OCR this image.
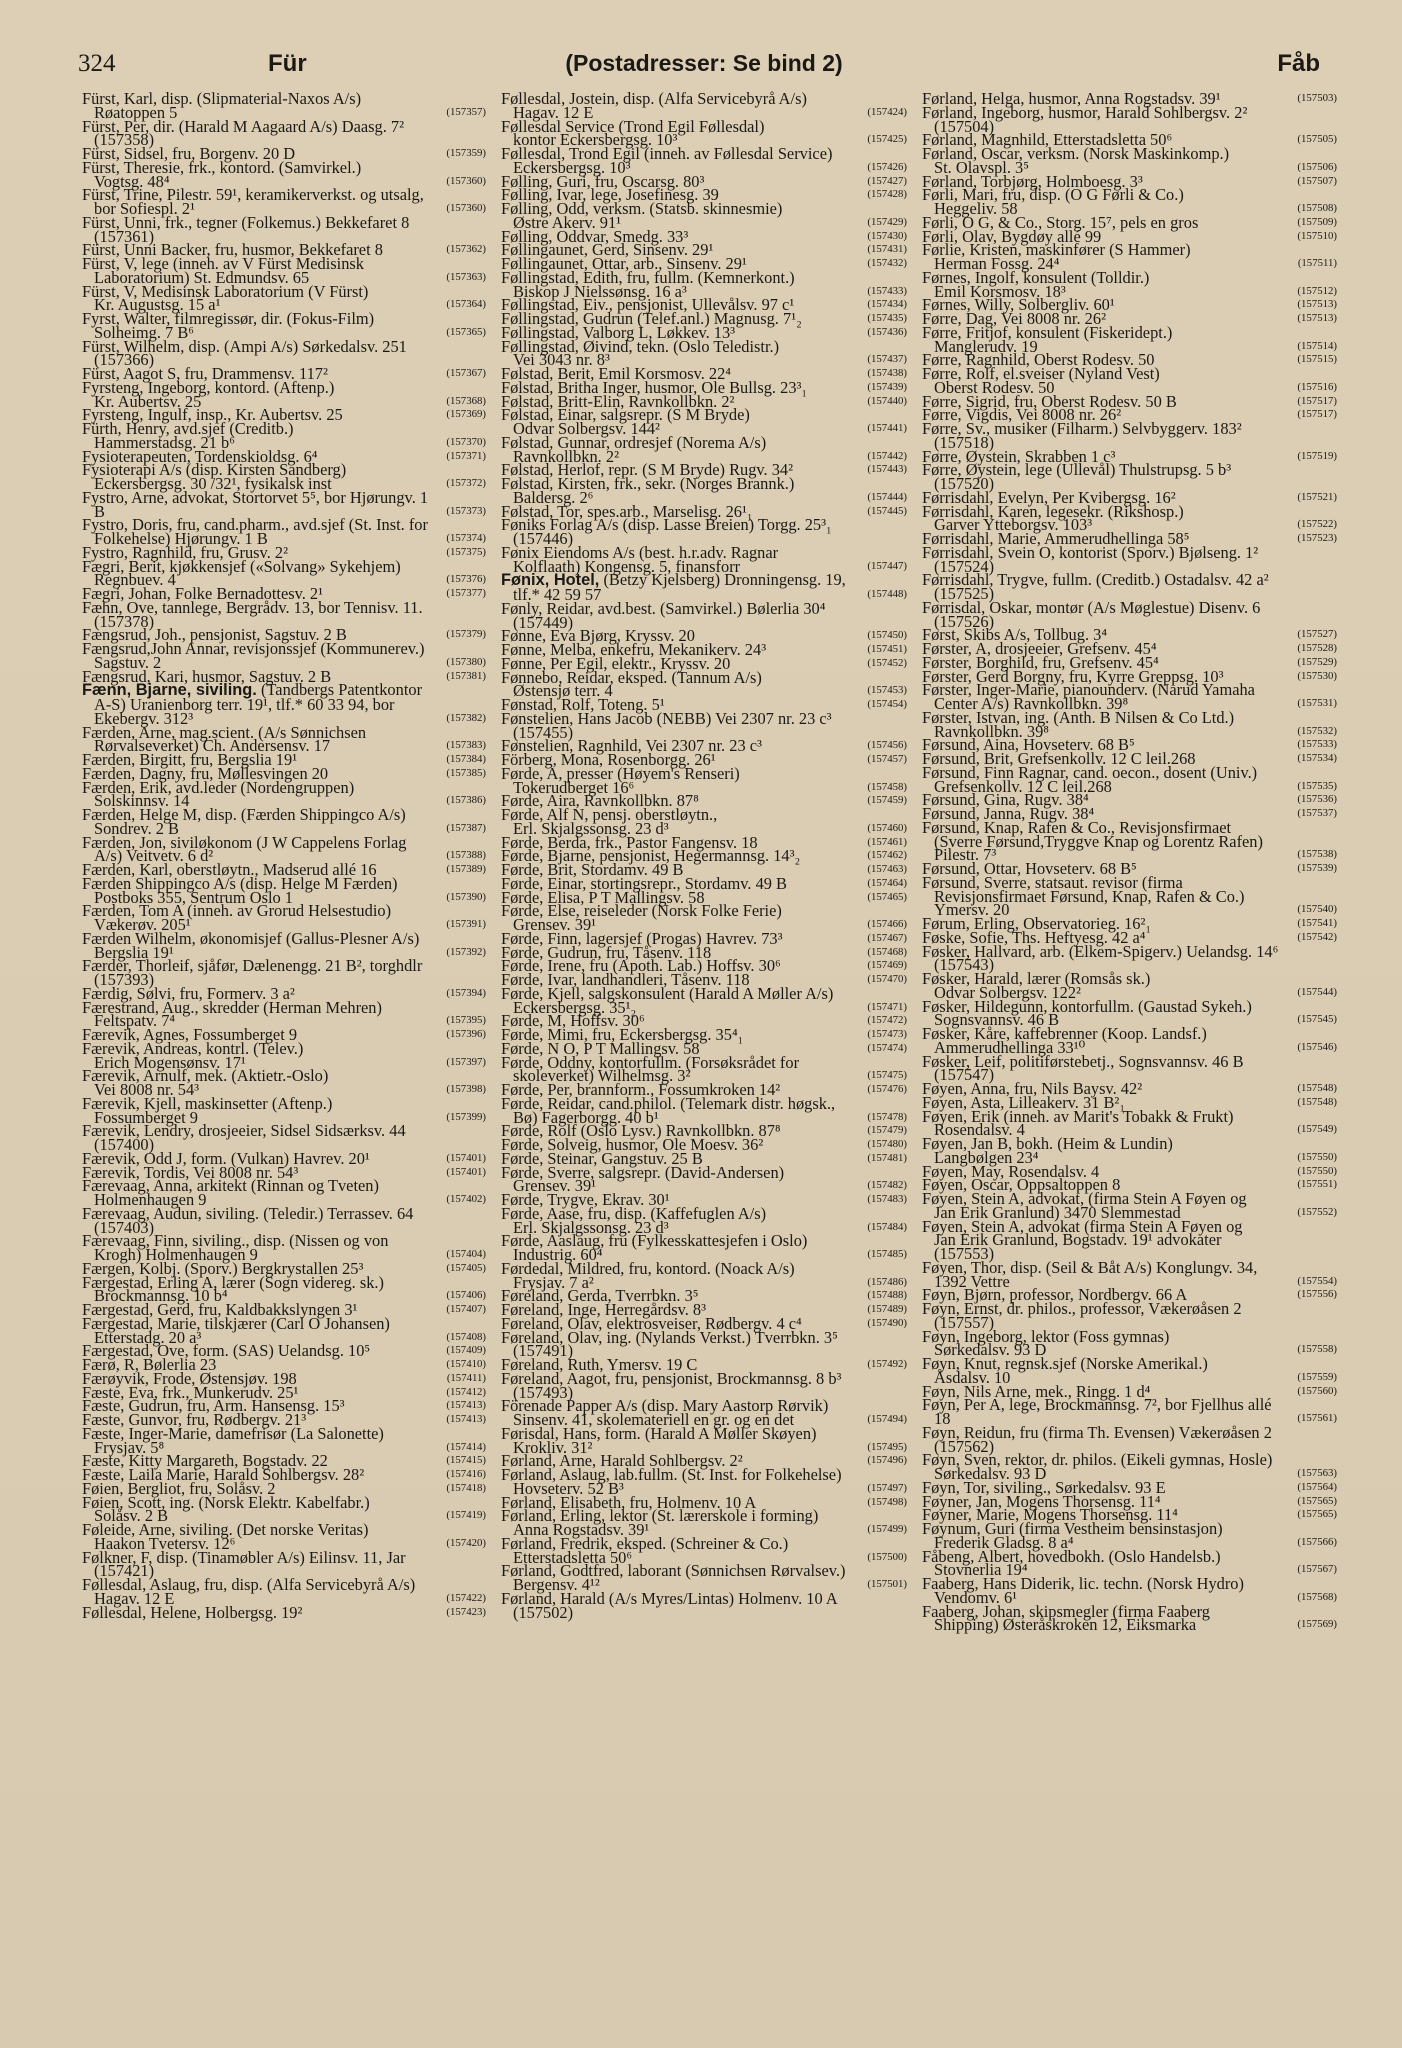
324	Für	(Postadresser: Se bind 2)	Fåb
Fürst, Karl, disp. (Slipmaterial-Naxos A/s)
Røatoppen 5	(157357)
Fürst, Per, dir. (Harald M Aagaard A/s) Daasg. 7²
(157358)
Fürst, Sidsel, fru, Borgenv. 20 D	(157359)
Fürst, Theresie, frk., kontord. (Samvirkel.)
Vogtsg. 48⁴	(157360)
Fürst, Trine, Pilestr. 59¹, keramikerverkst. og utsalg,
bor Sofiespl. 2¹	(157360)
Fürst, Unni, frk., tegner (Folkemus.) Bekkefaret 8
(157361)
Fürst, Unni Backer, fru, husmor, Bekkefaret 8	(157362)
Fürst, V, lege (inneh. av V Fürst Medisinsk
Laboratorium) St. Edmundsv. 65	(157363)
Fürst, V, Medisinsk Laboratorium (V Fürst)
Kr. Augustsg. 15 a¹	(157364)
Fyrst, Walter, filmregissør, dir. (Fokus-Film)
Solheimg. 7 B⁶	(157365)
Fürst, Wilhelm, disp. (Ampi A/s) Sørkedalsv. 251
(157366)
Fürst, Aagot S, fru, Drammensv. 117²	(157367)
Fyrsteng, Ingeborg, kontord. (Aftenp.)
Kr. Aubertsv. 25	(157368)
Fyrsteng, Ingulf, insp., Kr. Aubertsv. 25	(157369)
Fürth, Henry, avd.sjef (Creditb.)
Hammerstadsg. 21 b⁶	(157370)
Fysioterapeuten, Tordenskioldsg. 6⁴	(157371)
Fysioterapi A/s (disp. Kirsten Sandberg)
Eckersbergsg. 30 /32¹, fysikalsk inst	(157372)
Fystro, Arne, advokat, Stortorvet 5⁵, bor Hjørungv. 1
B	(157373)
Fystro, Doris, fru, cand.pharm., avd.sjef (St. Inst. for
Folkehelse) Hjørungv. 1 B	(157374)
Fystro, Ragnhild, fru, Grusv. 2²	(157375)
Fægri, Berit, kjøkkensjef («Solvang» Sykehjem)
Regnbuev. 4	(157376)
Fægri, Johan, Folke Bernadottesv. 2¹	(157377)
Fæhn, Ove, tannlege, Bergrådv. 13, bor Tennisv. 11.
(157378)
Fængsrud, Joh., pensjonist, Sagstuv. 2 B	(157379)
Fængsrud,John Annar, revisjonssjef (Kommunerev.)
Sagstuv. 2	(157380)
Fængsrud, Kari, husmor, Sagstuv. 2 B	(157381)
Fænn, Bjarne, siviling. (Tandbergs Patentkontor
A-S) Uranienborg terr. 19¹, tlf.* 60 33 94, bor
Ekebergv. 312³	(157382)
Færden, Arne, mag.scient. (A/s Sønnichsen
Rørvalseverket) Ch. Andersensv. 17	(157383)
Færden, Birgitt, fru, Bergslia 19¹	(157384)
Færden, Dagny, fru, Møllesvingen 20	(157385)
Færden, Erik, avd.leder (Nordengruppen)
Solskinnsv. 14	(157386)
Færden, Helge M, disp. (Færden Shippingco A/s)
Sondrev. 2 B	(157387)
Færden, Jon, siviløkonom (J W Cappelens Forlag
A/s) Veitvetv. 6 d²	(157388)
Færden, Karl, oberstløytn., Madserud allé 16	(157389)
Færden Shippingco A/s (disp. Helge M Færden)
Postboks 355, Sentrum Oslo 1	(157390)
Færden, Tom A (inneh. av Grorud Helsestudio)
Vækerøv. 205¹	(157391)
Færden Wilhelm, økonomisjef (Gallus-Plesner A/s)
Bergslia 19¹	(157392)
Færder, Thorleif, sjåfør, Dælenengg. 21 B², torghdlr
(157393)
Færdig, Sølvi, fru, Formerv. 3 a²	(157394)
Færestrand, Aug., skredder (Herman Mehren)
Feltspatv. 7⁴	(157395)
Færevik, Agnes, Fossumberget 9	(157396)
Færevik, Andreas, kontrl. (Telev.)
Erich Mogensønsv. 17¹	(157397)
Færevik, Arnulf, mek. (Aktietr.-Oslo)
Vei 8008 nr. 54³	(157398)
Færevik, Kjell, maskinsetter (Aftenp.)
Fossumberget 9	(157399)
Færevik, Lendry, drosjeeier, Sidsel Sidsærksv. 44
(157400)
Færevik, Odd J, form. (Vulkan) Havrev. 20¹	(157401)
Færevik, Tordis, Vei 8008 nr. 54³	(157401)
Færevaag, Anna, arkitekt (Rinnan og Tveten)
Holmenhaugen 9	(157402)
Færevaag, Audun, siviling. (Teledir.) Terrassev. 64
(157403)
Færevaag, Finn, siviling., disp. (Nissen og von
Krogh) Holmenhaugen 9	(157404)
Færgen, Kolbj. (Sporv.) Bergkrystallen 25³	(157405)
Færgestad, Erling A, lærer (Sogn videreg. sk.)
Brockmannsg. 10 b⁴	(157406)
Færgestad, Gerd, fru, Kaldbakkslyngen 3¹	(157407)
Færgestad, Marie, tilskjærer (Carl O Johansen)
Etterstadg. 20 a³	(157408)
Færgestad, Ove, form. (SAS) Uelandsg. 10⁵	(157409)
Færø, R, Bølerlia 23	(157410)
Færøyvik, Frode, Østensjøv. 198	(157411)
Fæste, Eva, frk., Munkerudv. 25¹	(157412)
Fæste, Gudrun, fru, Arm. Hansensg. 15³	(157413)
Fæste, Gunvor, fru, Rødbergv. 21³	(157413)
Fæste, Inger-Marie, damefrisør (La Salonette)
Frysjav. 5⁸	(157414)
Fæste, Kitty Margareth, Bogstadv. 22	(157415)
Fæste, Laila Marie, Harald Sohlbergsv. 28²	(157416)
Føien, Bergliot, fru, Solåsv. 2	(157418)
Føien, Scott, ing. (Norsk Elektr. Kabelfabr.)
Solåsv. 2 B	(157419)
Føleide, Arne, siviling. (Det norske Veritas)
Haakon Tvetersv. 12⁶	(157420)
Følkner, F, disp. (Tinamøbler A/s) Eilinsv. 11, Jar
(157421)
Føllesdal, Aslaug, fru, disp. (Alfa Servicebyrå A/s)
Hagav. 12 E	(157422)
Føllesdal, Helene, Holbergsg. 19²	(157423)
Føllesdal, Jostein, disp. (Alfa Servicebyrå A/s)
Hagav. 12 E	(157424)
Føllesdal Service (Trond Egil Føllesdal)
kontor Eckersbergsg. 10³	(157425)
Føllesdal, Trond Egil (inneh. av Føllesdal Service)
Eckersbergsg. 10³	(157426)
Følling, Guri, fru, Oscarsg. 80³	(157427)
Følling, Ivar, lege, Josefinesg. 39	(157428)
Følling, Odd, verksm. (Statsb. skinnesmie)
Østre Akerv. 91¹	(157429)
Følling, Oddvar, Smedg. 33³	(157430)
Føllingaunet, Gerd, Sinsenv. 29¹	(157431)
Føllingaunet, Ottar, arb., Sinsenv. 29¹	(157432)
Føllingstad, Edith, fru, fullm. (Kemnerkont.)
Biskop J Nielssønsg. 16 a³	(157433)
Føllingstad, Eiv., pensjonist, Ullevålsv. 97 c¹	(157434)
Føllingstad, Gudrun (Telef.anl.) Magnusg. 7¹₂	(157435)
Føllingstad, Valborg L, Løkkev. 13³	(157436)
Føllingstad, Øivind, tekn. (Oslo Teledistr.)
Vei 3043 nr. 8³	(157437)
Følstad, Berit, Emil Korsmosv. 22⁴	(157438)
Følstad, Britha Inger, husmor, Ole Bullsg. 23³₁	(157439)
Følstad, Britt-Elin, Ravnkollbkn. 2²	(157440)
Følstad, Einar, salgsrepr. (S M Bryde)
Odvar Solbergsv. 144²	(157441)
Følstad, Gunnar, ordresjef (Norema A/s)
Ravnkollbkn. 2²	(157442)
Følstad, Herlof, repr. (S M Bryde) Rugv. 34²	(157443)
Følstad, Kirsten, frk., sekr. (Norges Brannk.)
Baldersg. 2⁶	(157444)
Følstad, Tor, spes.arb., Marselisg. 26¹₁	(157445)
Føniks Forlag A/s (disp. Lasse Breien) Torgg. 25³₁
(157446)
Fønix Eiendoms A/s (best. h.r.adv. Ragnar
Kolflaath) Kongensg. 5, finansforr	(157447)
Fønix, Hotel, (Betzy Kjelsberg) Dronningensg. 19,
tlf.* 42 59 57	(157448)
Fønly, Reidar, avd.best. (Samvirkel.) Bølerlia 30⁴
(157449)
Fønne, Eva Bjørg, Kryssv. 20	(157450)
Fønne, Melba, enkefru, Mekanikerv. 24³	(157451)
Fønne, Per Egil, elektr., Kryssv. 20	(157452)
Fønnebo, Reidar, eksped. (Tannum A/s)
Østensjø terr. 4	(157453)
Fønstad, Rolf, Toteng. 5¹	(157454)
Fønstelien, Hans Jacob (NEBB) Vei 2307 nr. 23 c³
(157455)
Fønstelien, Ragnhild, Vei 2307 nr. 23 c³	(157456)
Förberg, Mona, Rosenborgg. 26¹	(157457)
Førde, A, presser (Høyem's Renseri)
Tokerudberget 16⁶	(157458)
Førde, Aira, Ravnkollbkn. 87⁸	(157459)
Førde, Alf N, pensj. oberstløytn.,
Erl. Skjalgssonsg. 23 d³	(157460)
Førde, Berda, frk., Pastor Fangensv. 18	(157461)
Førde, Bjarne, pensjonist, Hegermannsg. 14³₂	(157462)
Førde, Brit, Stordamv. 49 B	(157463)
Førde, Einar, stortingsrepr., Stordamv. 49 B	(157464)
Førde, Elisa, P T Mallingsv. 58	(157465)
Førde, Else, reiseleder (Norsk Folke Ferie)
Grensev. 39¹	(157466)
Førde, Finn, lagersjef (Progas) Havrev. 73³	(157467)
Førde, Gudrun, fru, Tåsenv. 118	(157468)
Førde, Irene, fru (Apoth. Lab.) Hoffsv. 30⁶	(157469)
Førde, Ivar, landhandleri, Tåsenv. 118	(157470)
Førde, Kjell, salgskonsulent (Harald A Møller A/s)
Eckersbergsg. 35¹₂	(157471)
Førde, M, Hoffsv. 30⁶	(157472)
Førde, Mimi, fru, Eckersbergsg. 35⁴₁	(157473)
Førde, N O, P T Mallingsv. 58	(157474)
Førde, Oddny, kontorfullm. (Forsøksrådet for
skoleverket) Wilhelmsg. 3²	(157475)
Førde, Per, brannform., Fossumkroken 14²	(157476)
Førde, Reidar, cand.philol. (Telemark distr. høgsk.,
Bø) Fagerborgg. 40 b¹	(157478)
Førde, Rolf (Oslo Lysv.) Ravnkollbkn. 87⁸	(157479)
Førde, Solveig, husmor, Ole Moesv. 36²	(157480)
Førde, Steinar, Gangstuv. 25 B	(157481)
Førde, Sverre, salgsrepr. (David-Andersen)
Grensev. 39¹	(157482)
Førde, Trygve, Ekrav. 30¹	(157483)
Førde, Aase, fru, disp. (Kaffefuglen A/s)
Erl. Skjalgssonsg. 23 d³	(157484)
Førde, Aaslaug, fru (Fylkesskattesjefen i Oslo)
Industrig. 60⁴	(157485)
Førdedal, Mildred, fru, kontord. (Noack A/s)
Frysjav. 7 a²	(157486)
Føreland, Gerda, Tverrbkn. 3⁵	(157488)
Føreland, Inge, Herregårdsv. 8³	(157489)
Føreland, Olav, elektrosveiser, Rødbergv. 4 c⁴	(157490)
Føreland, Olav, ing. (Nylands Verkst.) Tverrbkn. 3⁵
(157491)
Føreland, Ruth, Ymersv. 19 C	(157492)
Føreland, Aagot, fru, pensjonist, Brockmannsg. 8 b³
(157493)
Förenade Papper A/s (disp. Mary Aastorp Rørvik)
Sinsenv. 41, skolemateriell en gr. og en det	(157494)
Førisdal, Hans, form. (Harald A Møller Skøyen)
Krokliv. 31²	(157495)
Førland, Arne, Harald Sohlbergsv. 2²	(157496)
Førland, Aslaug, lab.fullm. (St. Inst. for Folkehelse)
Hovseterv. 52 B³	(157497)
Førland, Elisabeth, fru, Holmenv. 10 A	(157498)
Førland, Erling, lektor (St. lærerskole i forming)
Anna Rogstadsv. 39¹	(157499)
Førland, Fredrik, eksped. (Schreiner & Co.)
Etterstadsletta 50⁶	(157500)
Førland, Godtfred, laborant (Sønnichsen Rørvalsev.)
Bergensv. 4¹²	(157501)
Førland, Harald (A/s Myres/Lintas) Holmenv. 10 A
(157502)
Førland, Helga, husmor, Anna Rogstadsv. 39¹	(157503)
Førland, Ingeborg, husmor, Harald Sohlbergsv. 2²
(157504)
Førland, Magnhild, Etterstadsletta 50⁶	(157505)
Førland, Oscar, verksm. (Norsk Maskinkomp.)
St. Olavspl. 3⁵	(157506)
Førland, Torbjørg, Holmboesg. 3³	(157507)
Førli, Mari, fru, disp. (O G Førli & Co.)
Heggeliv. 58	(157508)
Førli, O G, & Co., Storg. 15⁷, pels en gros	(157509)
Førli, Olav, Bygdøy allé 99	(157510)
Førlie, Kristen, maskinfører (S Hammer)
Herman Fossg. 24⁴	(157511)
Førnes, Ingolf, konsulent (Tolldir.)
Emil Korsmosv. 18³	(157512)
Førnes, Willy, Solbergliv. 60¹	(157513)
Førre, Dag, Vei 8008 nr. 26²	(157513)
Førre, Fritjof, konsulent (Fiskeridept.)
Manglerudv. 19	(157514)
Førre, Ragnhild, Oberst Rodesv. 50	(157515)
Førre, Rolf, el.sveiser (Nyland Vest)
Oberst Rodesv. 50	(157516)
Førre, Sigrid, fru, Oberst Rodesv. 50 B	(157517)
Førre, Vigdis, Vei 8008 nr. 26²	(157517)
Førre, Sv., musiker (Filharm.) Selvbyggerv. 183²
(157518)
Førre, Øystein, Skrabben 1 c³	(157519)
Førre, Øystein, lege (Ullevål) Thulstrupsg. 5 b³
(157520)
Førrisdahl, Evelyn, Per Kvibergsg. 16²	(157521)
Førrisdahl, Karen, legesekr. (Rikshosp.)
Garver Ytteborgsv. 103³	(157522)
Førrisdahl, Marie, Ammerudhellinga 58⁵	(157523)
Førrisdahl, Svein O, kontorist (Sporv.) Bjølseng. 1²
(157524)
Førrisdahl, Trygve, fullm. (Creditb.) Ostadalsv. 42 a²
(157525)
Førrisdal, Oskar, montør (A/s Møglestue) Disenv. 6
(157526)
Først, Skibs A/s, Tollbug. 3⁴	(157527)
Førster, A, drosjeeier, Grefsenv. 45⁴	(157528)
Førster, Borghild, fru, Grefsenv. 45⁴	(157529)
Førster, Gerd Borgny, fru, Kyrre Greppsg. 10³	(157530)
Førster, Inger-Marie, pianounderv. (Narud Yamaha
Center A/s) Ravnkollbkn. 39⁸	(157531)
Førster, Istvan, ing. (Anth. B Nilsen & Co Ltd.)
Ravnkollbkn. 39⁸	(157532)
Førsund, Aina, Hovseterv. 68 B⁵	(157533)
Førsund, Brit, Grefsenkollv. 12 C leil.268	(157534)
Førsund, Finn Ragnar, cand. oecon., dosent (Univ.)
Grefsenkollv. 12 C leil.268	(157535)
Førsund, Gina, Rugv. 38⁴	(157536)
Førsund, Janna, Rugv. 38⁴	(157537)
Førsund, Knap, Rafen & Co., Revisjonsfirmaet
(Sverre Førsund,Tryggve Knap og Lorentz Rafen)
Pilestr. 7³	(157538)
Førsund, Ottar, Hovseterv. 68 B⁵	(157539)
Førsund, Sverre, statsaut. revisor (firma
Revisjonsfirmaet Førsund, Knap, Rafen & Co.)
Ymersv. 20	(157540)
Førum, Erling, Observatorieg. 16²₁	(157541)
Føske, Sofie, Ths. Heftyesg. 42 a⁴	(157542)
Føsker, Hallvard, arb. (Elkem-Spigerv.) Uelandsg. 14⁶
(157543)
Føsker, Harald, lærer (Romsås sk.)
Odvar Solbergsv. 122²	(157544)
Føsker, Hildegunn, kontorfullm. (Gaustad Sykeh.)
Sognsvannsv. 46 B	(157545)
Føsker, Kåre, kaffebrenner (Koop. Landsf.)
Ammerudhellinga 33¹⁰	(157546)
Føsker, Leif, politiførstebetj., Sognsvannsv. 46 B
(157547)
Føyen, Anna, fru, Nils Baysv. 42²	(157548)
Føyen, Asta, Lilleakerv. 31 B²₁	(157548)
Føyen, Erik (inneh. av Marit's Tobakk & Frukt)
Rosendalsv. 4	(157549)
Føyen, Jan B, bokh. (Heim & Lundin)
Langbølgen 23⁴	(157550)
Føyen, May, Rosendalsv. 4	(157550)
Føyen, Oscar, Oppsaltoppen 8	(157551)
Føyen, Stein A, advokat, (firma Stein A Føyen og
Jan Erik Granlund) 3470 Slemmestad	(157552)
Føyen, Stein A, advokat (firma Stein A Føyen og
Jan Erik Granlund, Bogstadv. 19¹ advokater
(157553)
Føyen, Thor, disp. (Seil & Båt A/s) Konglungv. 34,
1392 Vettre	(157554)
Føyn, Bjørn, professor, Nordbergv. 66 A	(157556)
Føyn, Ernst, dr. philos., professor, Vækerøåsen 2
(157557)
Føyn, Ingeborg, lektor (Foss gymnas)
Sørkedalsv. 93 D	(157558)
Føyn, Knut, regnsk.sjef (Norske Amerikal.)
Åsdalsv. 10	(157559)
Føyn, Nils Arne, mek., Ringg. 1 d⁴	(157560)
Føyn, Per A, lege, Brockmannsg. 7², bor Fjellhus allé
18	(157561)
Føyn, Reidun, fru (firma Th. Evensen) Vækerøåsen 2
(157562)
Føyn, Sven, rektor, dr. philos. (Eikeli gymnas, Hosle)
Sørkedalsv. 93 D	(157563)
Føyn, Tor, siviling., Sørkedalsv. 93 E	(157564)
Føyner, Jan, Mogens Thorsensg. 11⁴	(157565)
Føyner, Marie, Mogens Thorsensg. 11⁴	(157565)
Føynum, Guri (firma Vestheim bensinstasjon)
Frederik Gladsg. 8 a⁴	(157566)
Fåbeng, Albert, hovedbokh. (Oslo Handelsb.)
Stovnerlia 19⁴	(157567)
Faaberg, Hans Diderik, lic. techn. (Norsk Hydro)
Vendomv. 6¹	(157568)
Faaberg, Johan, skipsmegler (firma Faaberg
Shipping) Østeråskroken 12, Eiksmarka	(157569)
